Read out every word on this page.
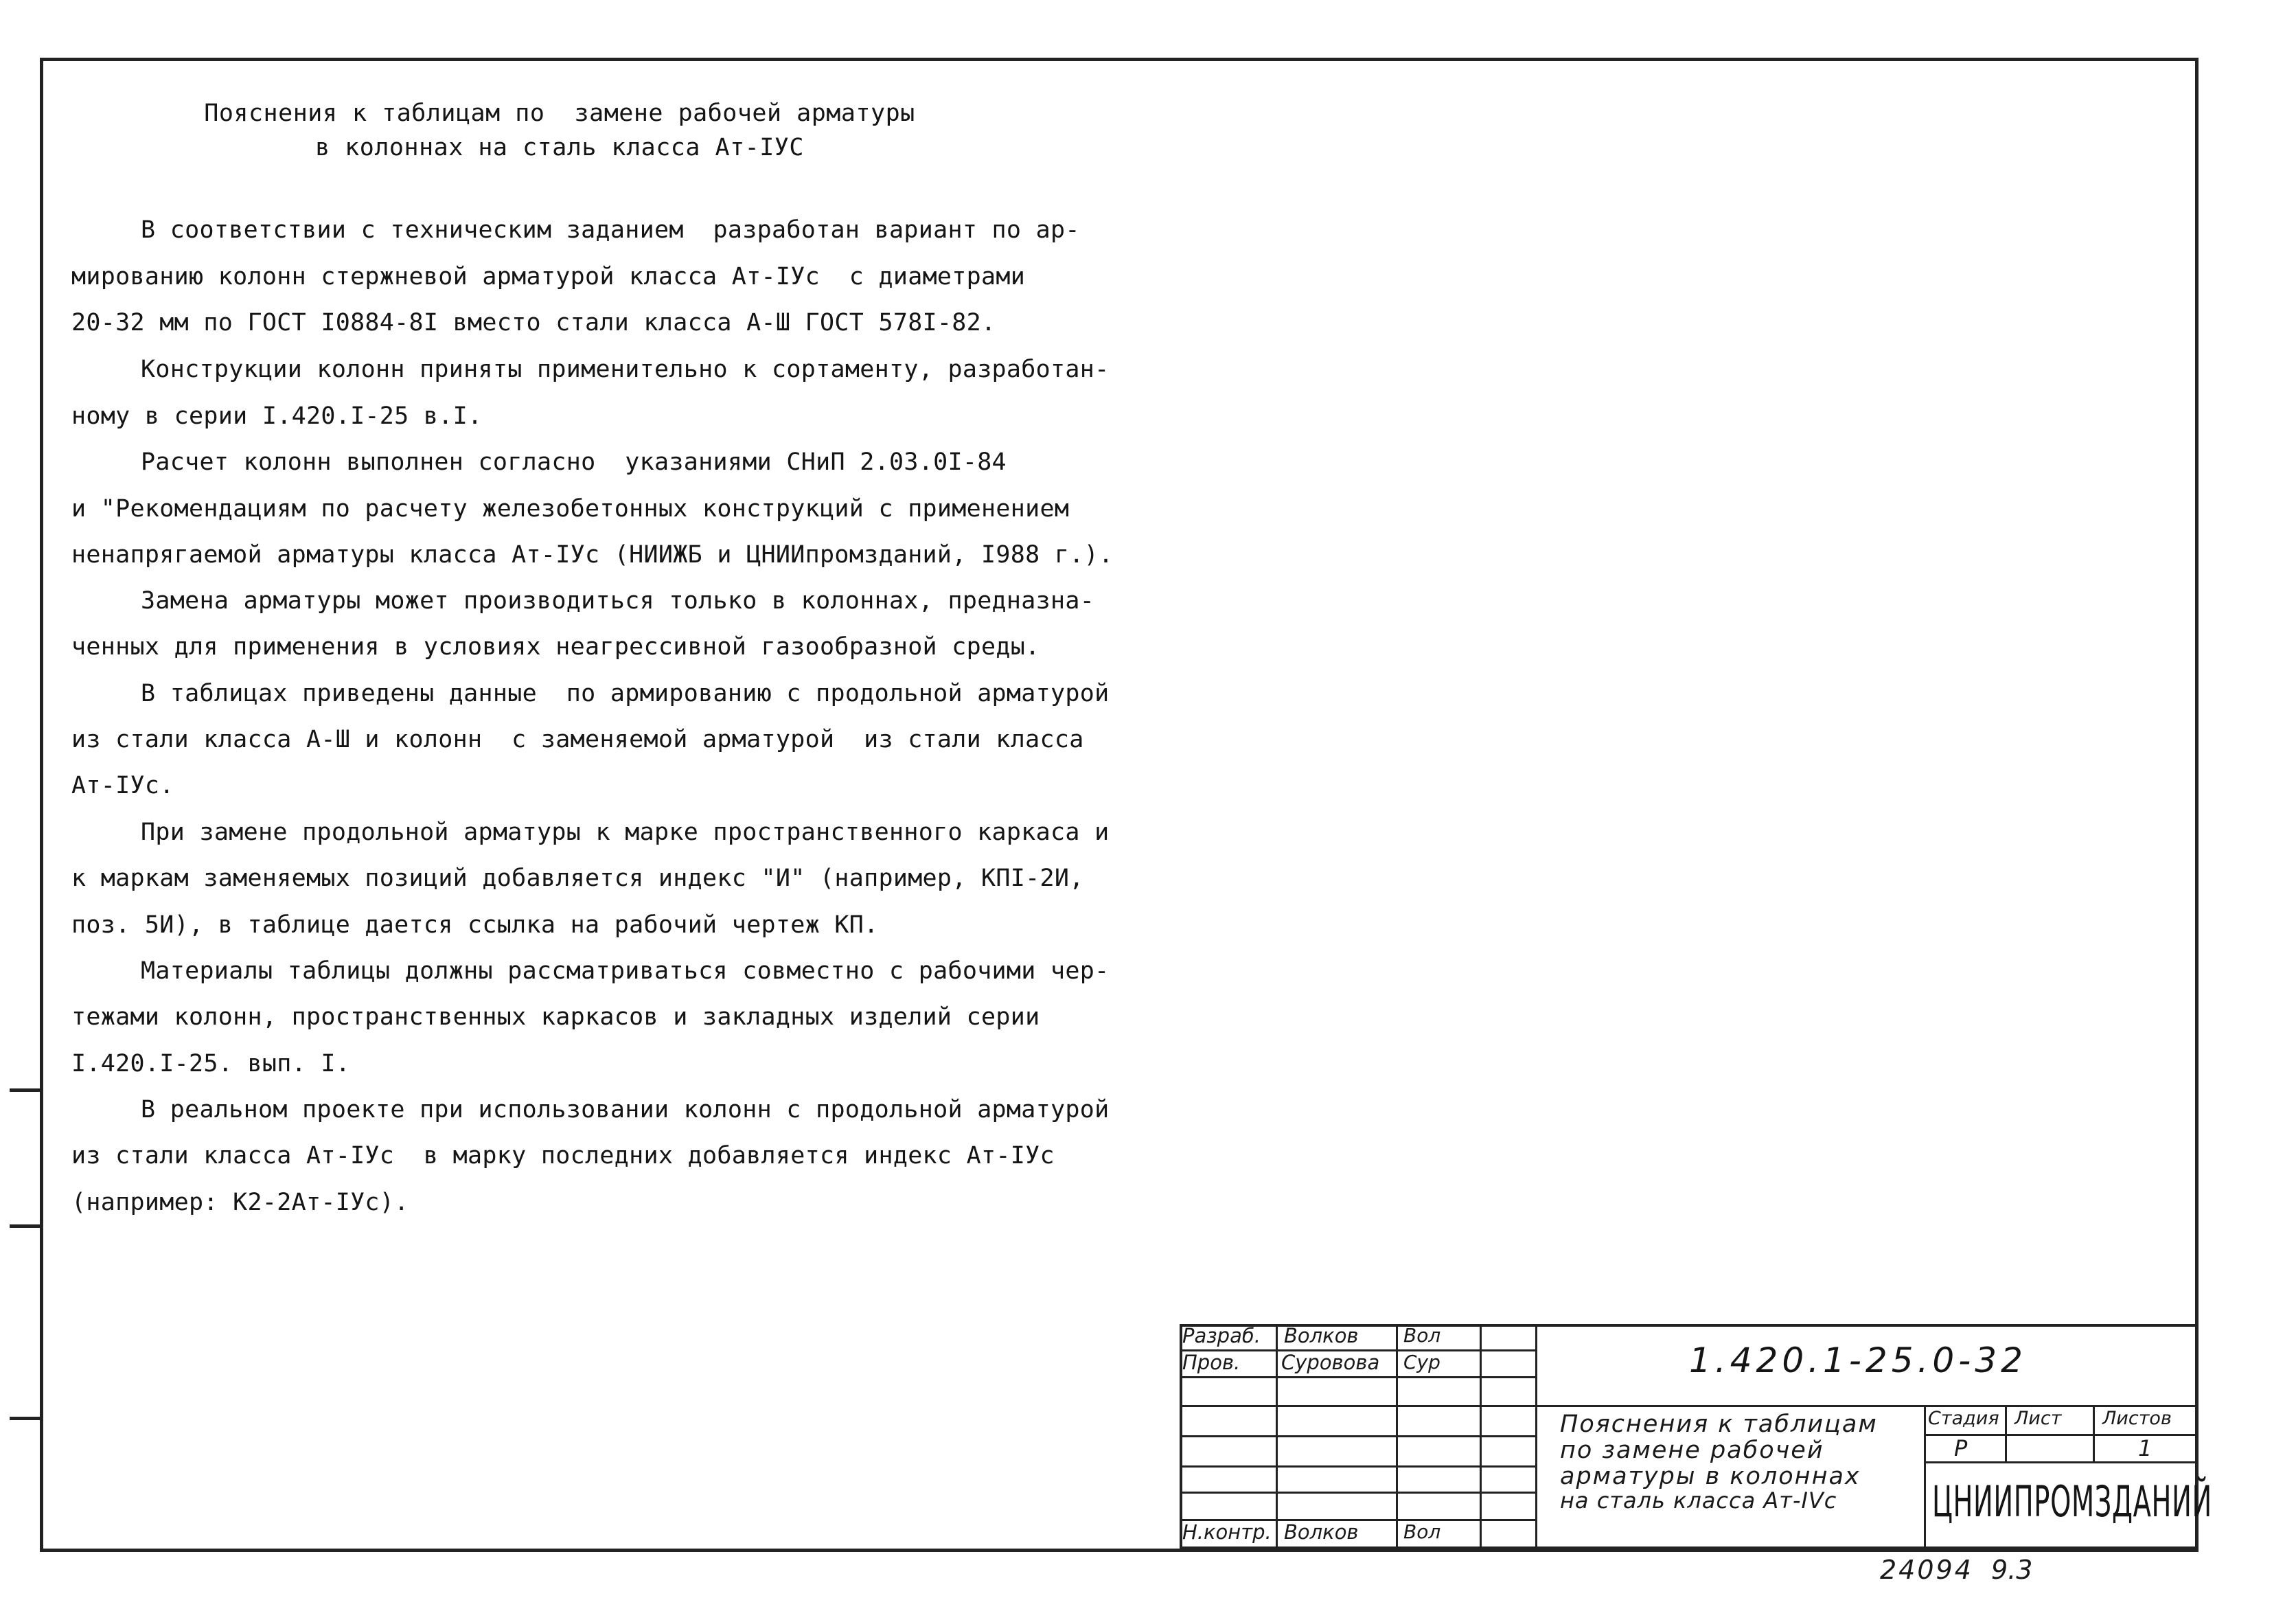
Пояснения к таблицам по  замене рабочей арматуры
в колоннах на сталь класса Ат-IУС
В соответствии с техническим заданием  разработан вариант по ар-
мированию колонн стержневой арматурой класса Ат-IУс  с диаметрами
20-32 мм по ГОСТ I0884-8I вместо стали класса А-Ш ГОСТ 578I-82.
Конструкции колонн приняты применительно к сортаменту, разработан-
ному в серии I.420.I-25 в.I.
Расчет колонн выполнен согласно  указаниями СНиП 2.03.0I-84
и "Рекомендациям по расчету железобетонных конструкций с применением
ненапрягаемой арматуры класса Ат-IУс (НИИЖБ и ЦНИИпромзданий, I988 г.).
Замена арматуры может производиться только в колоннах, предназна-
ченных для применения в условиях неагрессивной газообразной среды.
В таблицах приведены данные  по армированию с продольной арматурой
из стали класса А-Ш и колонн  с заменяемой арматурой  из стали класса
Ат-IУс.
При замене продольной арматуры к марке пространственного каркаса и
к маркам заменяемых позиций добавляется индекс "И" (например, КПI-2И,
поз. 5И), в таблице дается ссылка на рабочий чертеж КП.
Материалы таблицы должны рассматриваться совместно с рабочими чер-
тежами колонн, пространственных каркасов и закладных изделий серии
I.420.I-25. вып. I.
В реальном проекте при использовании колонн с продольной арматурой
из стали класса Ат-IУс  в марку последних добавляется индекс Ат-IУс
(например: К2-2Ат-IУс).
Разраб.
Пров.
Н.контр.
Волков
Суровова
Волков
Вол
Сур
Вол
1.420.1-25.0-32
Пояснения к таблицам
по замене рабочей
арматуры в колоннах
на сталь класса Ат-IVc
Стадия Лист Листов
Р	1
ЦНИИПРОМЗДАНИЙ
24094 9.3
